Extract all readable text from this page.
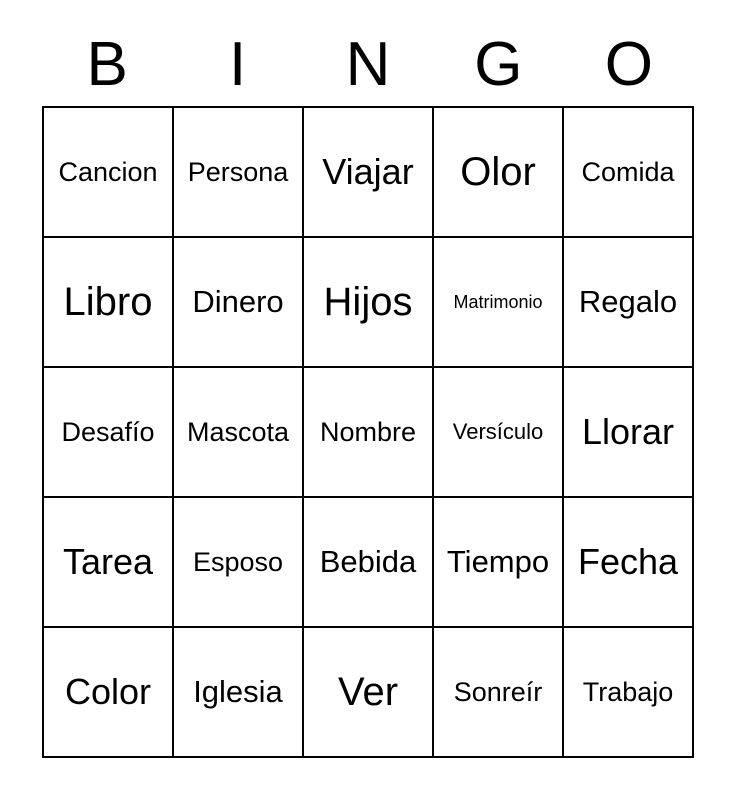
B	I	N	G	O
Cancion	Persona	Viajar	Olor	Comida

Libro	Dinero	Hijos	Matrimonio	Regalo

Desafío	Mascota	Nombre	Versículo	Llorar

Tarea	Esposo	Bebida	Tiempo	Fecha

Color	Iglesia	Ver	Sonreír	Trabajo
